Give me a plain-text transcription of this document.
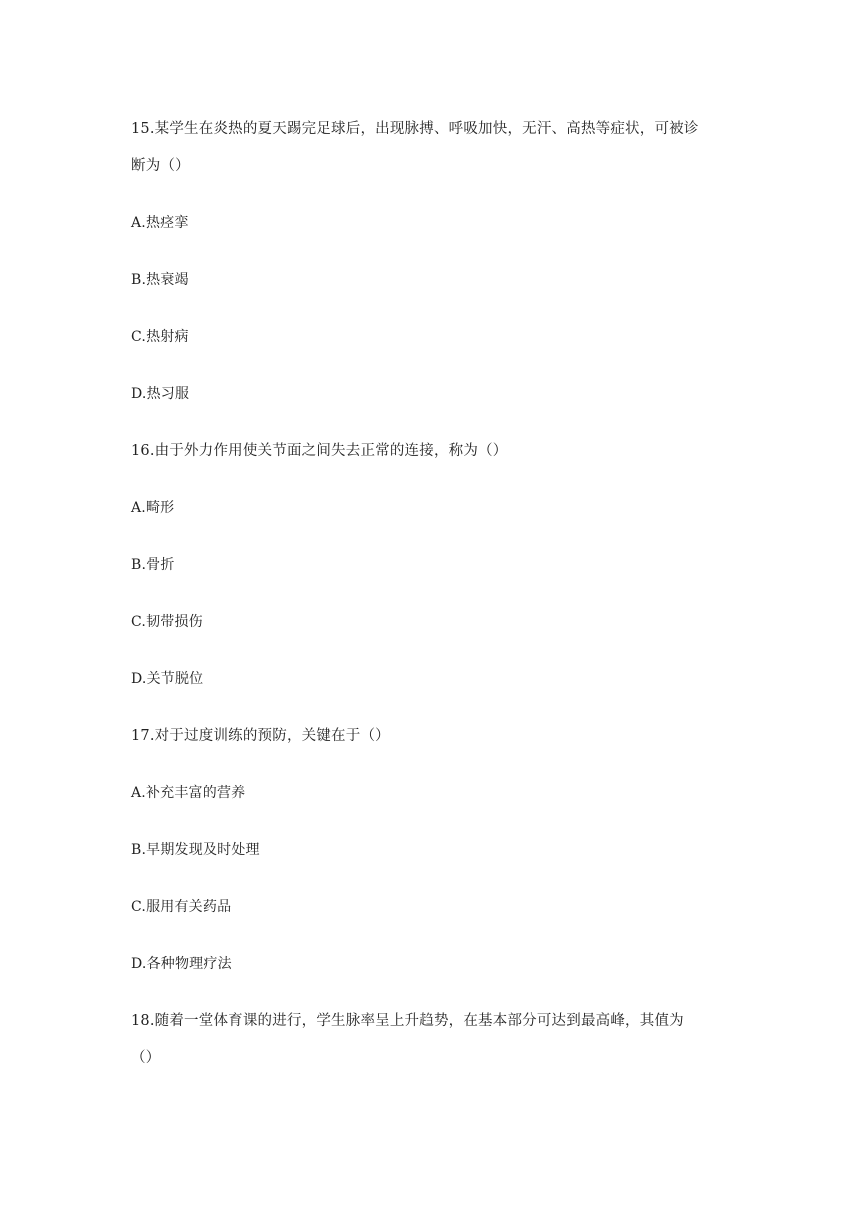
15.某学生在炎热的夏天踢完足球后，出现脉搏、呼吸加快，无汗、高热等症状，可被诊
断为（）
A.热痉挛
B.热衰竭
C.热射病
D.热习服
16.由于外力作用使关节面之间失去正常的连接，称为（）
A.畸形
B.骨折
C.韧带损伤
D.关节脱位
17.对于过度训练的预防，关键在于（）
A.补充丰富的营养
B.早期发现及时处理
C.服用有关药品
D.各种物理疗法
18.随着一堂体育课的进行，学生脉率呈上升趋势，在基本部分可达到最高峰，其值为
（）
